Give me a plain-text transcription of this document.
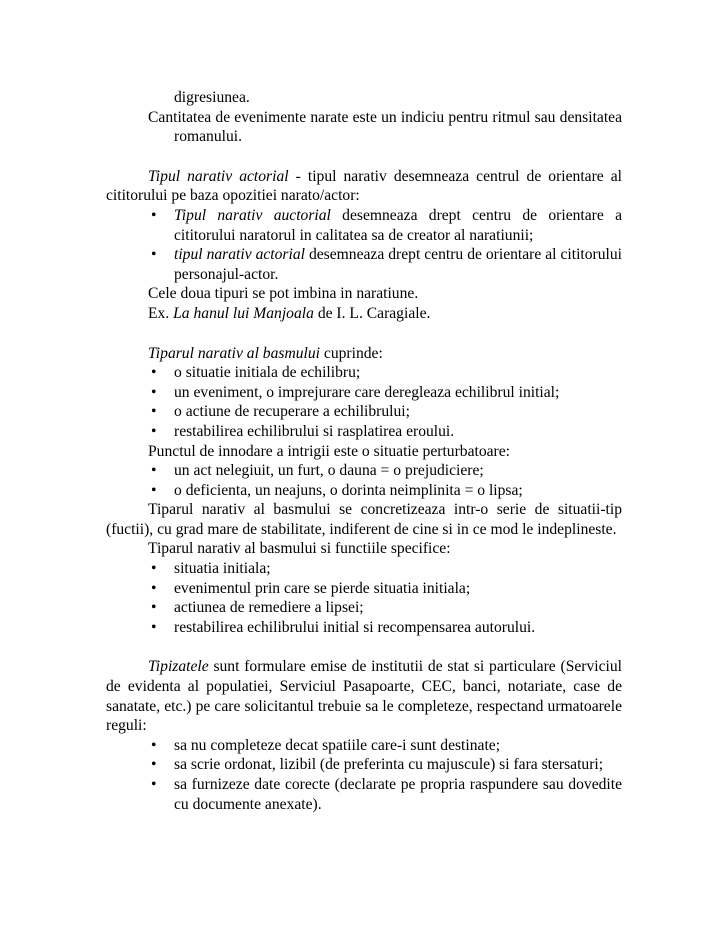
digresiunea.

Cantitatea de evenimente narate este un indiciu pentru ritmul sau densitatea romanului.

Tipul narativ actorial - tipul narativ desemneaza centrul de orientare al cititorului pe baza opozitiei narato/actor:

• Tipul narativ auctorial desemneaza drept centru de orientare a cititorului naratorul in calitatea sa de creator al naratiunii;
• tipul narativ actorial desemneaza drept centru de orientare al cititorului personajul-actor.

Cele doua tipuri se pot imbina in naratiune.

Ex. La hanul lui Manjoala de I. L. Caragiale.

Tiparul narativ al basmului cuprinde:

• o situatie initiala de echilibru;
• un eveniment, o imprejurare care deregleaza echilibrul initial;
• o actiune de recuperare a echilibrului;
• restabilirea echilibrului si rasplatirea eroului.

Punctul de innodare a intrigii este o situatie perturbatoare:

• un act nelegiuit, un furt, o dauna = o prejudiciere;
• o deficienta, un neajuns, o dorinta neimplinita = o lipsa;

Tiparul narativ al basmului se concretizeaza intr-o serie de situatii-tip (fuctii), cu grad mare de stabilitate, indiferent de cine si in ce mod le indeplineste.

Tiparul narativ al basmului si functiile specifice:

• situatia initiala;
• evenimentul prin care se pierde situatia initiala;
• actiunea de remediere a lipsei;
• restabilirea echilibrului initial si recompensarea autorului.

Tipizatele sunt formulare emise de institutii de stat si particulare (Serviciul de evidenta al populatiei, Serviciul Pasapoarte, CEC, banci, notariate, case de sanatate, etc.) pe care solicitantul trebuie sa le completeze, respectand urmatoarele reguli:

• sa nu completeze decat spatiile care-i sunt destinate;
• sa scrie ordonat, lizibil (de preferinta cu majuscule) si fara stersaturi;
• sa furnizeze date corecte (declarate pe propria raspundere sau dovedite cu documente anexate).
